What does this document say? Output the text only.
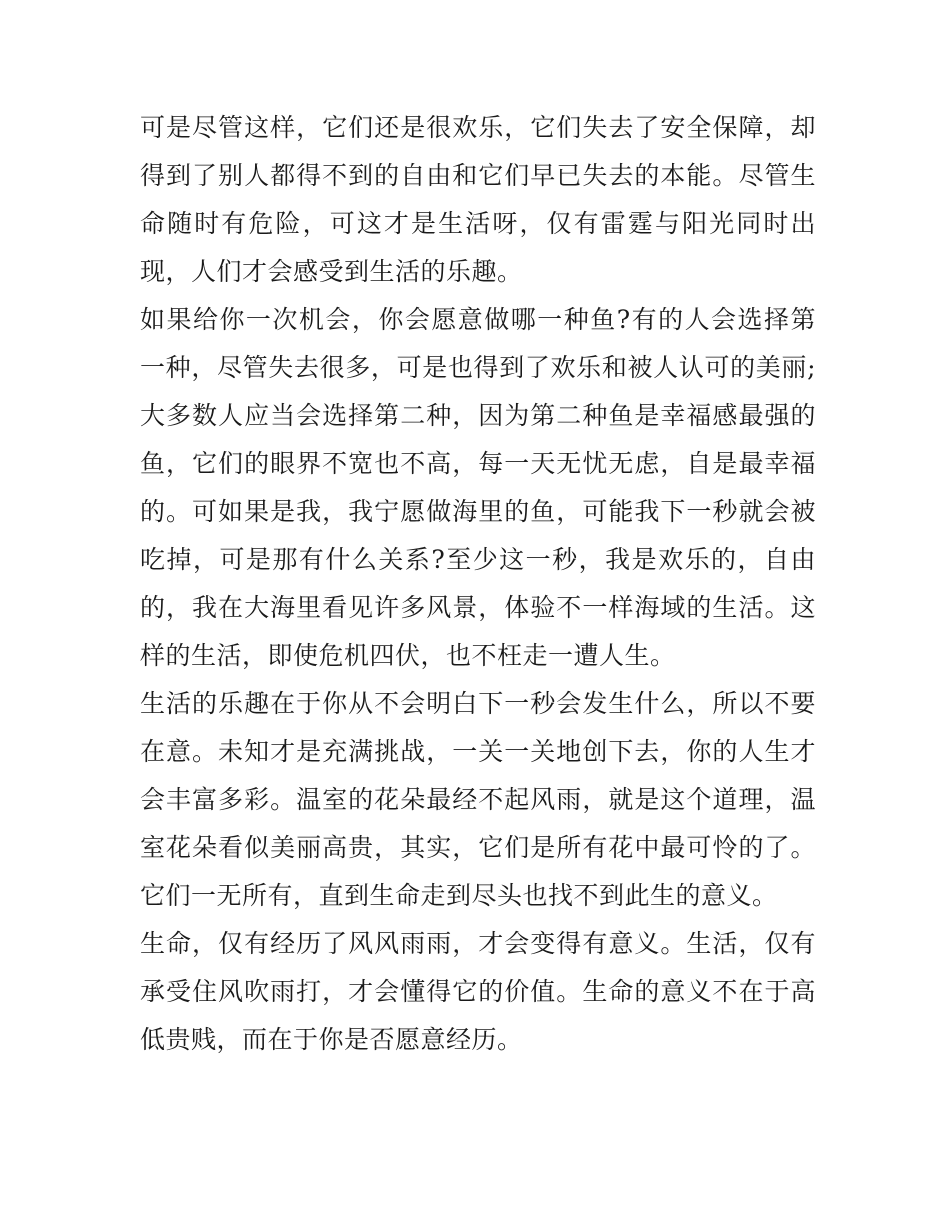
可是尽管这样，它们还是很欢乐，它们失去了安全保障，却得到了别人都得不到的自由和它们早已失去的本能。尽管生命随时有危险，可这才是生活呀，仅有雷霆与阳光同时出现，人们才会感受到生活的乐趣。

如果给你一次机会，你会愿意做哪一种鱼?有的人会选择第一种，尽管失去很多，可是也得到了欢乐和被人认可的美丽;大多数人应当会选择第二种，因为第二种鱼是幸福感最强的鱼，它们的眼界不宽也不高，每一天无忧无虑，自是最幸福的。可如果是我，我宁愿做海里的鱼，可能我下一秒就会被吃掉，可是那有什么关系?至少这一秒，我是欢乐的，自由的，我在大海里看见许多风景，体验不一样海域的生活。这样的生活，即使危机四伏，也不枉走一遭人生。

生活的乐趣在于你从不会明白下一秒会发生什么，所以不要在意。未知才是充满挑战，一关一关地创下去，你的人生才会丰富多彩。温室的花朵最经不起风雨，就是这个道理，温室花朵看似美丽高贵，其实，它们是所有花中最可怜的了。它们一无所有，直到生命走到尽头也找不到此生的意义。

生命，仅有经历了风风雨雨，才会变得有意义。生活，仅有承受住风吹雨打，才会懂得它的价值。生命的意义不在于高低贵贱，而在于你是否愿意经历。
